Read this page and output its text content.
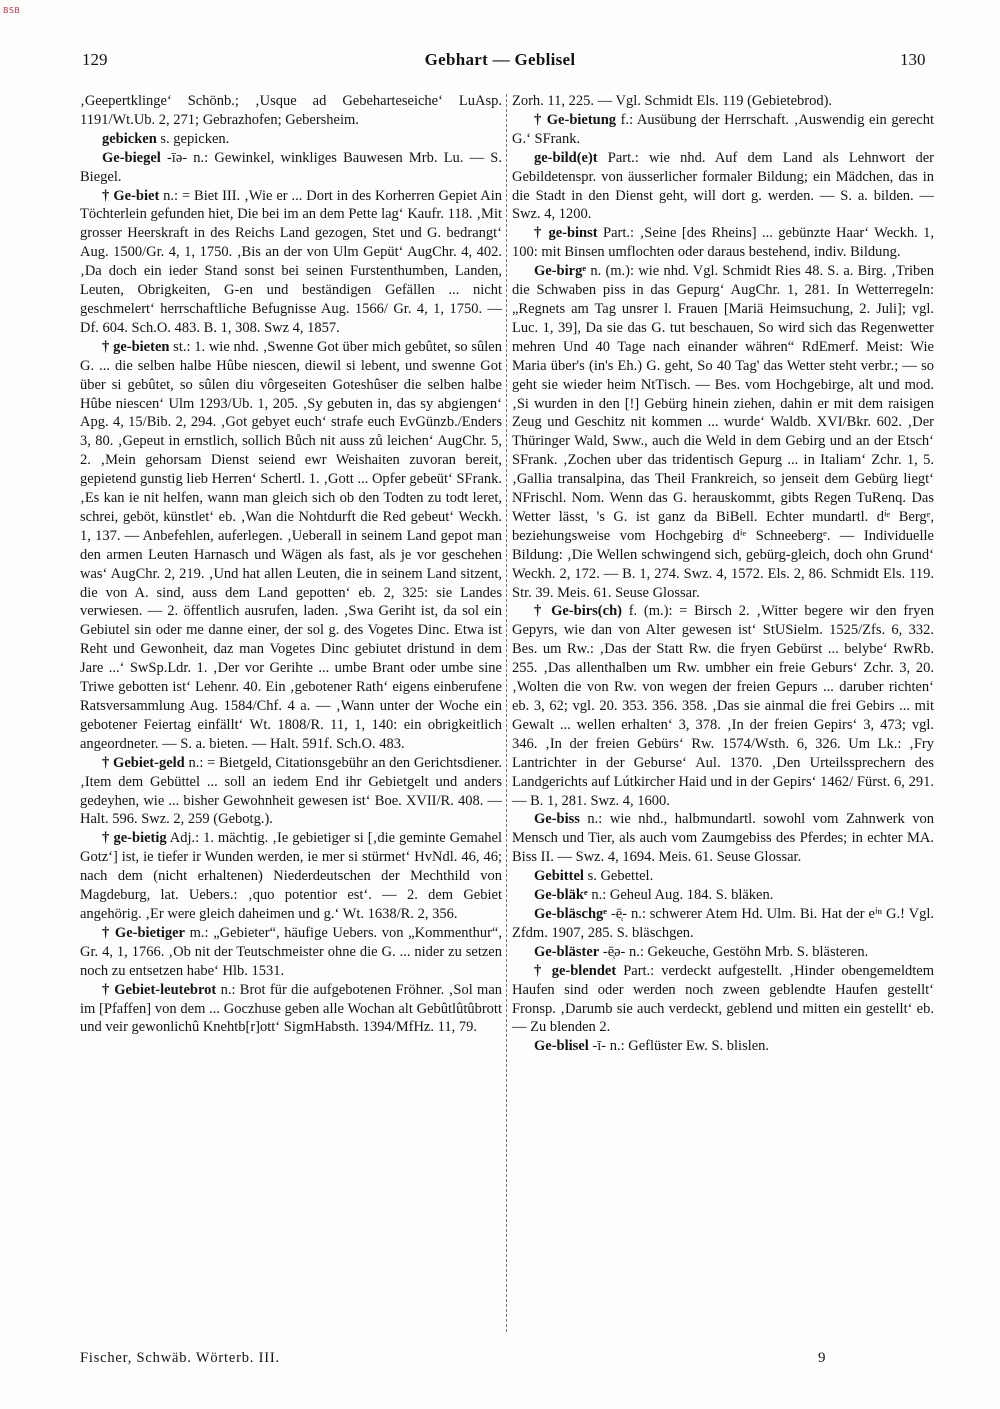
BSB
129	Gebhart — Geblisel	130

‚Geepertklinge‘ Schönb.; ‚Usque ad Gebeharteseiche‘ LuAsp. 1191/Wt.Ub. 2, 271; Gebrazhofen; Gebersheim.

gebicken s. gepicken.

Ge-biegel -īə- n.: Gewinkel, winkliges Bauwesen Mrb. Lu. — S. Biegel.

† Ge-biet n.: = Biet III. ‚Wie er ... Dort in des Korherren Gepiet Ain Töchterlein gefunden hiet, Die bei im an dem Pette lag‘ Kaufr. 118. ‚Mit grosser Heerskraft in des Reichs Land gezogen, Stet und G. bedrangt‘ Aug. 1500/Gr. 4, 1, 1750. ‚Bis an der von Ulm Gepüt‘ AugChr. 4, 402. ‚Da doch ein ieder Stand sonst bei seinen Furstenthumben, Landen, Leuten, Obrigkeiten, G-en und beständigen Gefällen ... nicht geschmelert‘ herrschaftliche Befugnisse Aug. 1566/ Gr. 4, 1, 1750. — Df. 604. Sch.O. 483. B. 1, 308. Swz 4, 1857.

† ge-bieten st.: 1. wie nhd. ‚Swenne Got über mich gebûtet, so sûlen G. ... die selben halbe Hûbe niescen, diewil si lebent, und swenne Got über si gebûtet, so sûlen diu vôrgeseiten Goteshûser die selben halbe Hûbe niescen‘ Ulm 1293/Ub. 1, 205. ‚Sy gebuten in, das sy abgiengen‘ Apg. 4, 15/Bib. 2, 294. ‚Got gebyet euch‘ strafe euch EvGünzb./Enders 3, 80. ‚Gepeut in ernstlich, sollich Bůch nit auss zů leichen‘ AugChr. 5, 2. ‚Mein gehorsam Dienst seiend ewr Weishaiten zuvoran bereit, gepietend gunstig lieb Herren‘ Schertl. 1. ‚Gott ... Opfer gebeüt‘ SFrank. ‚Es kan ie nit helfen, wann man gleich sich ob den Todten zu todt leret, schrei, geböt, künstlet‘ eb. ‚Wan die Nohtdurft die Red gebeut‘ Weckh. 1, 137. — Anbefehlen, auferlegen. ‚Ueberall in seinem Land gepot man den armen Leuten Harnasch und Wägen als fast, als je vor geschehen was‘ AugChr. 2, 219. ‚Und hat allen Leuten, die in seinem Land sitzent, die von A. sind, auss dem Land gepotten‘ eb. 2, 325: sie Landes verwiesen. — 2. öffentlich ausrufen, laden. ‚Swa Geriht ist, da sol ein Gebiutel sin oder me danne einer, der sol g. des Vogetes Dinc. Etwa ist Reht und Gewonheit, daz man Vogetes Dinc gebiutet dristund in dem Jare ...‘ SwSp.Ldr. 1. ‚Der vor Gerihte ... umbe Brant oder umbe sine Triwe gebotten ist‘ Lehenr. 40. Ein ‚gebotener Rath‘ eigens einberufene Ratsversammlung Aug. 1584/Chf. 4 a. — ‚Wann unter der Woche ein gebotener Feiertag einfällt‘ Wt. 1808/R. 11, 1, 140: ein obrigkeitlich angeordneter. — S. a. bieten. — Halt. 591f. Sch.O. 483.

† Gebiet-geld n.: = Bietgeld, Citationsgebühr an den Gerichtsdiener. ‚Item dem Gebüttel ... soll an iedem End ihr Gebietgelt und anders gedeyhen, wie ... bisher Gewohnheit gewesen ist‘ Boe. XVII/R. 408. — Halt. 596. Swz. 2, 259 (Gebotg.).

† ge-bietig Adj.: 1. mächtig. ‚Ie gebietiger si [‚die geminte Gemahel Gotz‘] ist, ie tiefer ir Wunden werden, ie mer si stürmet‘ HvNdl. 46, 46; nach dem (nicht erhaltenen) Niederdeutschen der Mechthild von Magdeburg, lat. Uebers.: ‚quo potentior est‘. — 2. dem Gebiet angehörig. ‚Er were gleich daheimen und g.‘ Wt. 1638/R. 2, 356.

† Ge-bietiger m.: „Gebieter“, häufige Uebers. von „Kommenthur“, Gr. 4, 1, 1766. ‚Ob nit der Teutschmeister ohne die G. ... nider zu setzen noch zu entsetzen habe‘ Hlb. 1531.

† Gebiet-leutebrot n.: Brot für die aufgebotenen Fröhner. ‚Sol man im [Pfaffen] von dem ... Goczhuse geben alle Wochan alt Gebûtlûtûbrott und veir gewonlichû Knehtb[r]ott‘ SigmHabsth. 1394/MfHz. 11, 79.

Zorh. 11, 225. — Vgl. Schmidt Els. 119 (Gebietebrod).

† Ge-bietung f.: Ausübung der Herrschaft. ‚Auswendig ein gerecht G.‘ SFrank.

ge-bild(e)t Part.: wie nhd. Auf dem Land als Lehnwort der Gebildetenspr. von äusserlicher formaler Bildung; ein Mädchen, das in die Stadt in den Dienst geht, will dort g. werden. — S. a. bilden. — Swz. 4, 1200.

† ge-binst Part.: ‚Seine [des Rheins] ... gebünzte Haar‘ Weckh. 1, 100: mit Binsen umflochten oder daraus bestehend, indiv. Bildung.

Ge-birgᵉ n. (m.): wie nhd. Vgl. Schmidt Ries 48. S. a. Birg. ‚Triben die Schwaben piss in das Gepurg‘ AugChr. 1, 281. In Wetterregeln: „Regnets am Tag unsrer l. Frauen [Mariä Heimsuchung, 2. Juli]; vgl. Luc. 1, 39], Da sie das G. tut beschauen, So wird sich das Regenwetter mehren Und 40 Tage nach einander währen“ RdEmerf. Meist: Wie Maria über's (in's Eh.) G. geht, So 40 Tag' das Wetter steht verbr.; — so geht sie wieder heim NtTisch. — Bes. vom Hochgebirge, alt und mod. ‚Si wurden in den [!] Gebürg hinein ziehen, dahin er mit dem raisigen Zeug und Geschitz nit kommen ... wurde‘ Waldb. XVI/Bkr. 602. ‚Der Thüringer Wald, Sww., auch die Weld in dem Gebirg und an der Etsch‘ SFrank. ‚Zochen uber das tridentisch Gepurg ... in Italiam‘ Zchr. 1, 5. ‚Gallia transalpina, das Theil Frankreich, so jenseit dem Gebürg liegt‘ NFrischl. Nom. Wenn das G. herauskommt, gibts Regen TuRenq. Das Wetter lässt, 's G. ist ganz da BiBell. Echter mundartl. dⁱᵉ Bergᵉ, beziehungsweise vom Hochgebirg dⁱᵉ Schneebergᵉ. — Individuelle Bildung: ‚Die Wellen schwingend sich, gebürg-gleich, doch ohn Grund‘ Weckh. 2, 172. — B. 1, 274. Swz. 4, 1572. Els. 2, 86. Schmidt Els. 119. Str. 39. Meis. 61. Seuse Glossar.

† Ge-birs(ch) f. (m.): = Birsch 2. ‚Witter begere wir den fryen Gepyrs, wie dan von Alter gewesen ist‘ StUSielm. 1525/Zfs. 6, 332. Bes. um Rw.: ‚Das der Statt Rw. die fryen Gebürst ... belybe‘ RwRb. 255. ‚Das allenthalben um Rw. umbher ein freie Geburs‘ Zchr. 3, 20. ‚Wolten die von Rw. von wegen der freien Gepurs ... daruber richten‘ eb. 3, 62; vgl. 20. 353. 356. 358. ‚Das sie ainmal die frei Gebirs ... mit Gewalt ... wellen erhalten‘ 3, 378. ‚In der freien Gepirs‘ 3, 473; vgl. 346. ‚In der freien Gebürs‘ Rw. 1574/Wsth. 6, 326. Um Lk.: ‚Fry Lantrichter in der Geburse‘ Aul. 1370. ‚Den Urteilssprechern des Landgerichts auf Lútkircher Haid und in der Gepirs‘ 1462/ Fürst. 6, 291. — B. 1, 281. Swz. 4, 1600.

Ge-biss n.: wie nhd., halbmundartl. sowohl vom Zahnwerk von Mensch und Tier, als auch vom Zaumgebiss des Pferdes; in echter MA. Biss II. — Swz. 4, 1694. Meis. 61. Seuse Glossar.

Gebittel s. Gebettel.

Ge-bläkᵉ n.: Geheul Aug. 184. S. bläken.

Ge-bläschgᵉ -ē̜- n.: schwerer Atem Hd. Ulm. Bi. Hat der eⁱⁿ G.! Vgl. Zfdm. 1907, 285. S. bläschgen.

Ge-bläster -ē̜ə- n.: Gekeuche, Gestöhn Mrb. S. blästeren.

† ge-blendet Part.: verdeckt aufgestellt. ‚Hinder obengemeldtem Haufen sind oder werden noch zween geblendte Haufen gestellt‘ Fronsp. ‚Darumb sie auch verdeckt, geblend und mitten ein gestellt‘ eb. — Zu blenden 2.

Ge-blisel -ī- n.: Geflüster Ew. S. blislen.

Fischer, Schwäb. Wörterb. III.	9
